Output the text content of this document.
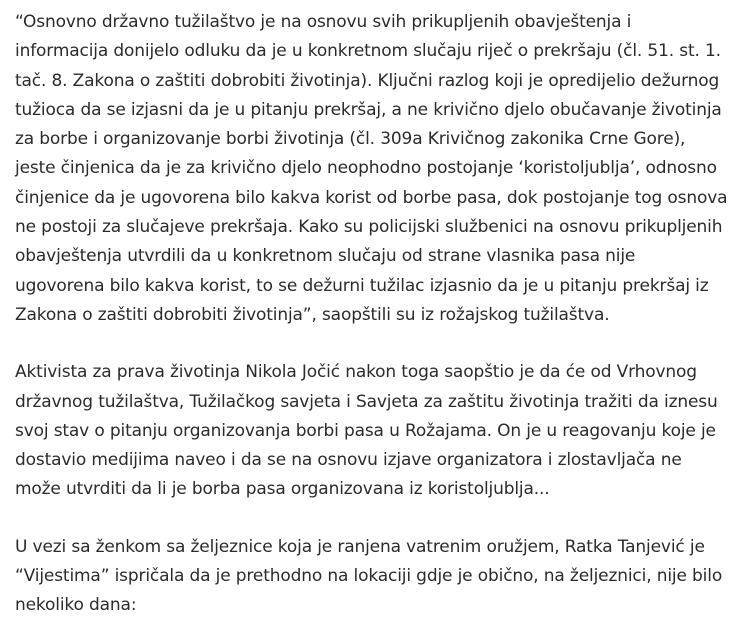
“Osnovno državno tužilaštvo je na osnovu svih prikupljenih obavještenja i
informacija donijelo odluku da je u konkretnom slučaju riječ o prekršaju (čl. 51. st. 1.
tač. 8. Zakona o zaštiti dobrobiti životinja). Ključni razlog koji je opredijelio dežurnog
tužioca da se izjasni da je u pitanju prekršaj, a ne krivično djelo obučavanje životinja
za borbe i organizovanje borbi životinja (čl. 309a Krivičnog zakonika Crne Gore),
jeste činjenica da je za krivično djelo neophodno postojanje ‘koristoljublja’, odnosno
činjenice da je ugovorena bilo kakva korist od borbe pasa, dok postojanje tog osnova
ne postoji za slučajeve prekršaja. Kako su policijski službenici na osnovu prikupljenih
obavještenja utvrdili da u konkretnom slučaju od strane vlasnika pasa nije
ugovorena bilo kakva korist, to se dežurni tužilac izjasnio da je u pitanju prekršaj iz
Zakona o zaštiti dobrobiti životinja”, saopštili su iz rožajskog tužilaštva.

Aktivista za prava životinja Nikola Jočić nakon toga saopštio je da će od Vrhovnog
državnog tužilaštva, Tužilačkog savjeta i Savjeta za zaštitu životinja tražiti da iznesu
svoj stav o pitanju organizovanja borbi pasa u Rožajama. On je u reagovanju koje je
dostavio medijima naveo i da se na osnovu izjave organizatora i zlostavljača ne
može utvrditi da li je borba pasa organizovana iz koristoljublja...

U vezi sa ženkom sa željeznice koja je ranjena vatrenim oružjem, Ratka Tanjević je
“Vijestima” ispričala da je prethodno na lokaciji gdje je obično, na željeznici, nije bilo
nekoliko dana:
